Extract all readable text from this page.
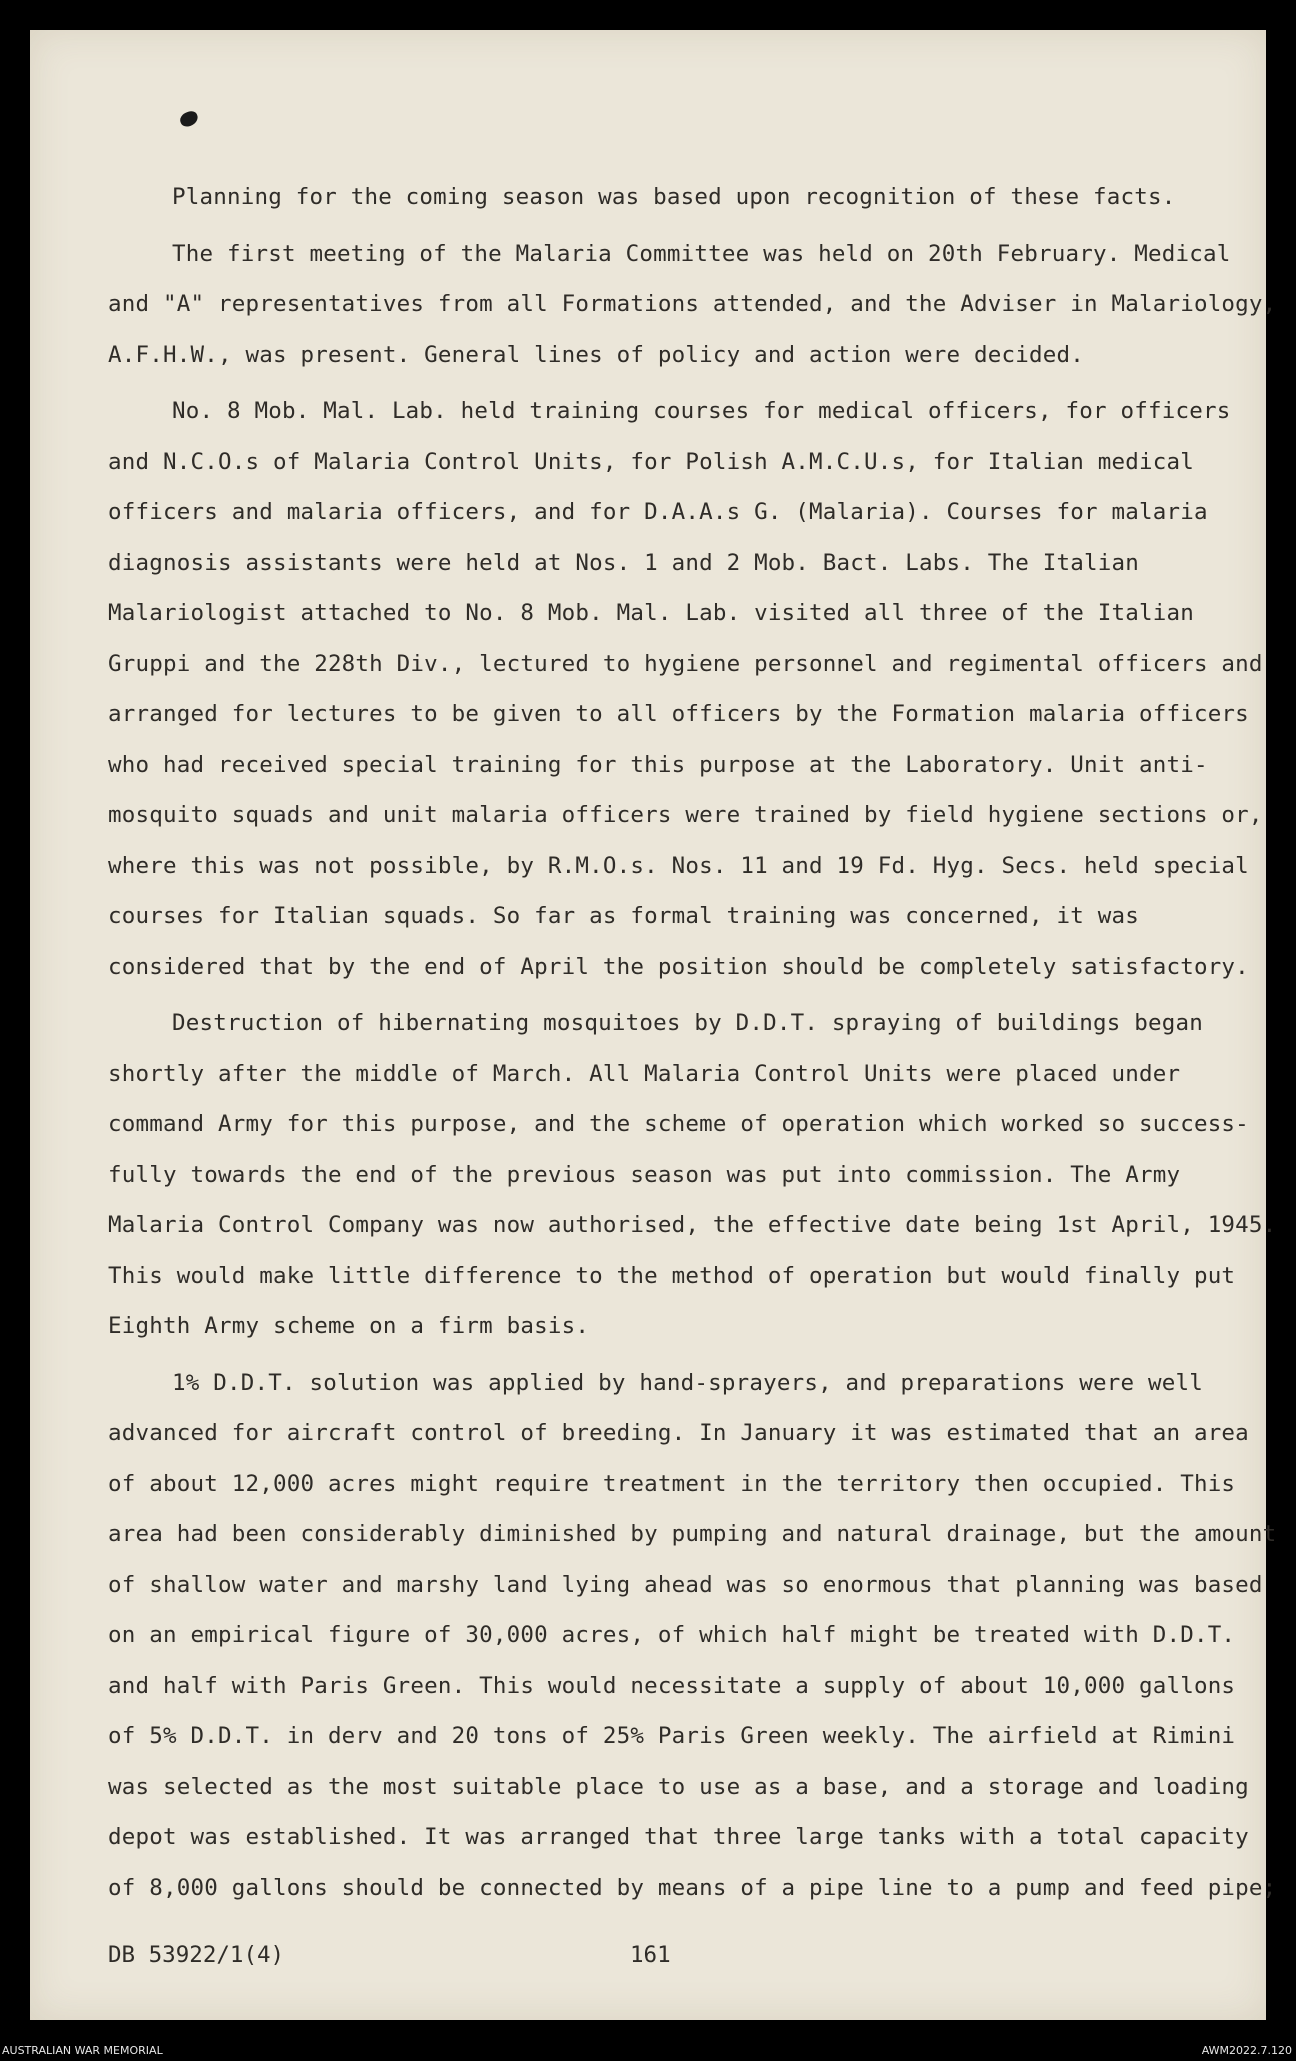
Planning for the coming season was based upon recognition of these facts.
The first meeting of the Malaria Committee was held on 20th February. Medical
and "A" representatives from all Formations attended, and the Adviser in Malariology,
A.F.H.W., was present. General lines of policy and action were decided.
No. 8 Mob. Mal. Lab. held training courses for medical officers, for officers
and N.C.O.s of Malaria Control Units, for Polish A.M.C.U.s, for Italian medical
officers and malaria officers, and for D.A.A.s G. (Malaria). Courses for malaria
diagnosis assistants were held at Nos. 1 and 2 Mob. Bact. Labs. The Italian
Malariologist attached to No. 8 Mob. Mal. Lab. visited all three of the Italian
Gruppi and the 228th Div., lectured to hygiene personnel and regimental officers and
arranged for lectures to be given to all officers by the Formation malaria officers
who had received special training for this purpose at the Laboratory. Unit anti-
mosquito squads and unit malaria officers were trained by field hygiene sections or,
where this was not possible, by R.M.O.s. Nos. 11 and 19 Fd. Hyg. Secs. held special
courses for Italian squads. So far as formal training was concerned, it was
considered that by the end of April the position should be completely satisfactory.
Destruction of hibernating mosquitoes by D.D.T. spraying of buildings began
shortly after the middle of March. All Malaria Control Units were placed under
command Army for this purpose, and the scheme of operation which worked so success-
fully towards the end of the previous season was put into commission. The Army
Malaria Control Company was now authorised, the effective date being 1st April, 1945.
This would make little difference to the method of operation but would finally put
Eighth Army scheme on a firm basis.
1% D.D.T. solution was applied by hand-sprayers, and preparations were well
advanced for aircraft control of breeding. In January it was estimated that an area
of about 12,000 acres might require treatment in the territory then occupied. This
area had been considerably diminished by pumping and natural drainage, but the amount
of shallow water and marshy land lying ahead was so enormous that planning was based
on an empirical figure of 30,000 acres, of which half might be treated with D.D.T.
and half with Paris Green. This would necessitate a supply of about 10,000 gallons
of 5% D.D.T. in derv and 20 tons of 25% Paris Green weekly. The airfield at Rimini
was selected as the most suitable place to use as a base, and a storage and loading
depot was established. It was arranged that three large tanks with a total capacity
of 8,000 gallons should be connected by means of a pipe line to a pump and feed pipe;
DB 53922/1(4)	161
AUSTRALIAN WAR MEMORIAL	AWM2022.7.120
